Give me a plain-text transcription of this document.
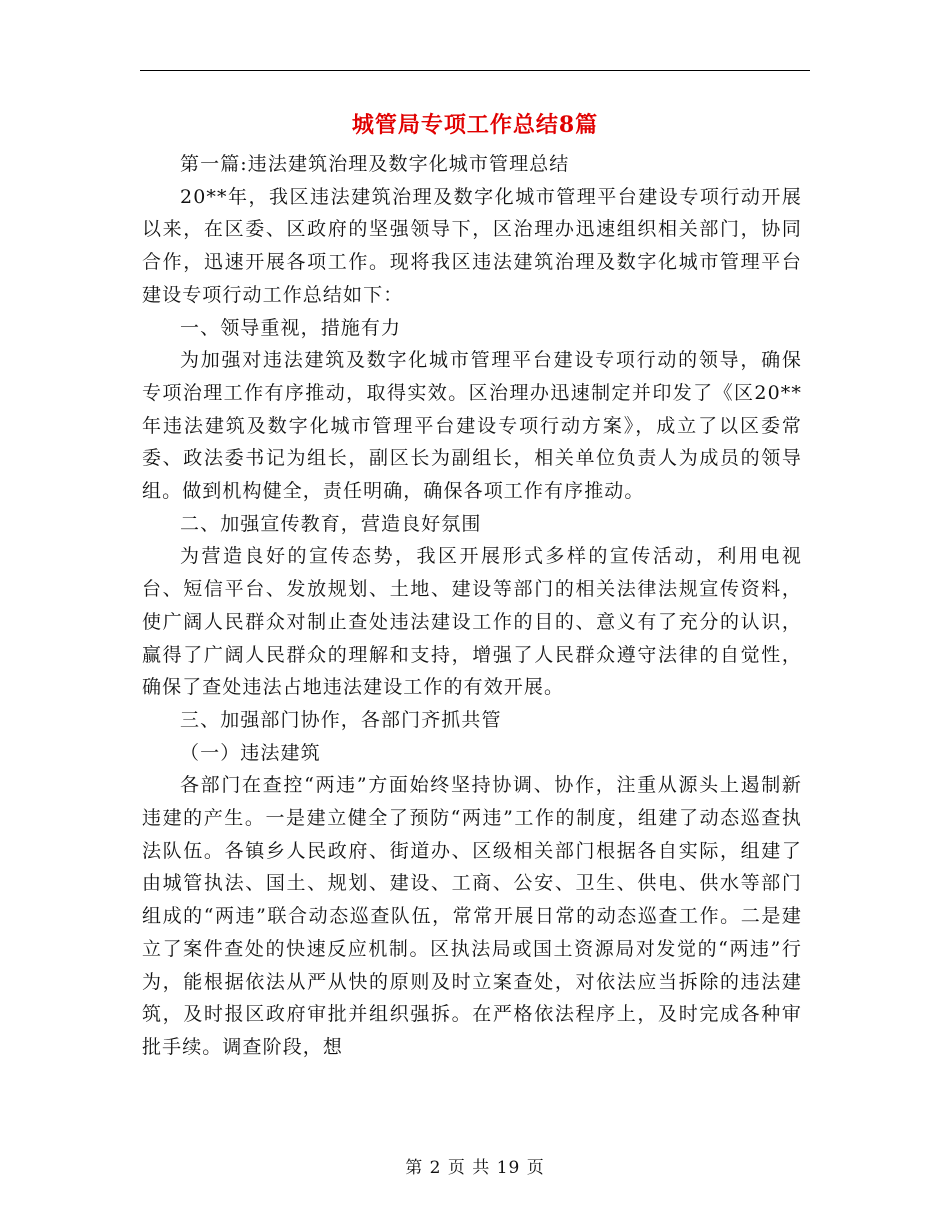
城管局专项工作总结8篇

第一篇:违法建筑治理及数字化城市管理总结

20**年，我区违法建筑治理及数字化城市管理平台建设专项行动开展以来，在区委、区政府的坚强领导下，区治理办迅速组织相关部门，协同合作，迅速开展各项工作。现将我区违法建筑治理及数字化城市管理平台建设专项行动工作总结如下：

一、领导重视，措施有力

为加强对违法建筑及数字化城市管理平台建设专项行动的领导，确保专项治理工作有序推动，取得实效。区治理办迅速制定并印发了《区20**年违法建筑及数字化城市管理平台建设专项行动方案》，成立了以区委常委、政法委书记为组长，副区长为副组长，相关单位负责人为成员的领导组。做到机构健全，责任明确，确保各项工作有序推动。

二、加强宣传教育，营造良好氛围

为营造良好的宣传态势，我区开展形式多样的宣传活动，利用电视台、短信平台、发放规划、土地、建设等部门的相关法律法规宣传资料，使广阔人民群众对制止查处违法建设工作的目的、意义有了充分的认识，赢得了广阔人民群众的理解和支持，增强了人民群众遵守法律的自觉性，确保了查处违法占地违法建设工作的有效开展。

三、加强部门协作，各部门齐抓共管

（一）违法建筑

各部门在查控“两违”方面始终坚持协调、协作，注重从源头上遏制新违建的产生。一是建立健全了预防“两违”工作的制度，组建了动态巡查执法队伍。各镇乡人民政府、街道办、区级相关部门根据各自实际，组建了由城管执法、国土、规划、建设、工商、公安、卫生、供电、供水等部门组成的“两违”联合动态巡查队伍，常常开展日常的动态巡查工作。二是建立了案件查处的快速反应机制。区执法局或国土资源局对发觉的“两违”行为，能根据依法从严从快的原则及时立案查处，对依法应当拆除的违法建筑，及时报区政府审批并组织强拆。在严格依法程序上，及时完成各种审批手续。调查阶段，想

第 2 页 共 19 页
